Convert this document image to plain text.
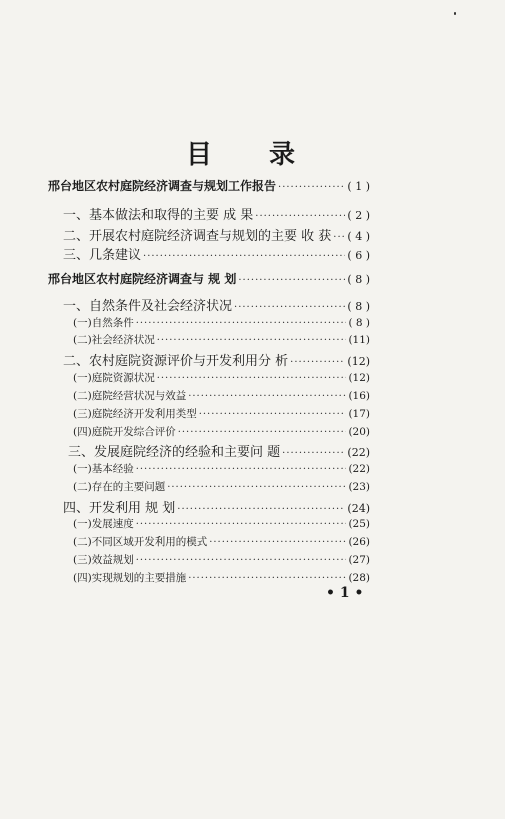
目 录
邢台地区农村庭院经济调查与规划工作报告 ·····	( 1 )
一、基本做法和取得的主要 成 果 ·····	( 2 )
二、开展农村庭院经济调查与规划的主要 收 获 ····· ( 4 )
三、几条建议 ·····	( 6 )
邢台地区农村庭院经济调查与 规 划 ·····	( 8 )
一、自然条件及社会经济状况 ·····	( 8 )
(一)自然条件 ·····	( 8 )
(二)社会经济状况 ·····	(11)
二、农村庭院资源评价与开发利用分 析 ·····	(12)
(一)庭院资源状况 ·····	(12)
(二)庭院经营状况与效益 ·····	(16)
(三)庭院经济开发利用类型 ·····	(17)
(四)庭院开发综合评价 ·····	(20)
三、发展庭院经济的经验和主要问 题 ·····	(22)
(一)基本经验 ·····	(22)
(二)存在的主要问题 ·····	(23)
四、开发利用 规 划 ·····	(24)
(一)发展速度 ·····	(25)
(二)不同区域开发利用的模式 ·····	(26)
(三)效益规划 ·····	(27)
(四)实现规划的主要措施 ·····	(28)
• 1 •
